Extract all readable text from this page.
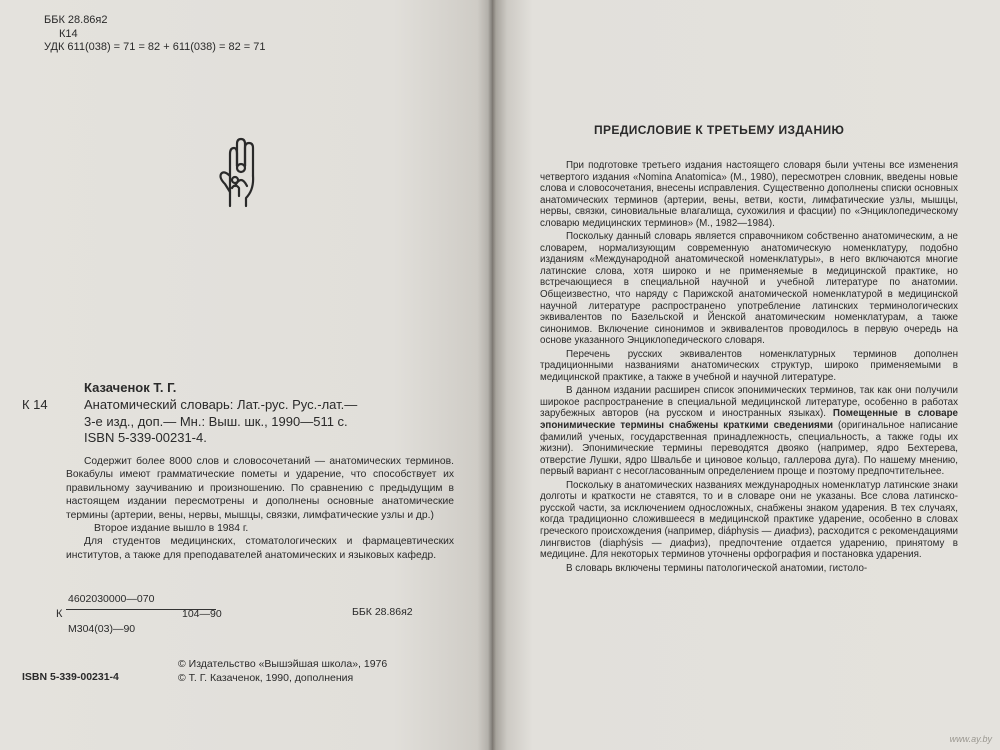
ББК 28.86я2
К14
УДК 611(038) = 71 = 82 + 611(038) = 82 = 71
Казаченок Т. Г.
К 14	Анатомический словарь: Лат.-рус. Рус.-лат.—
3-е изд., доп.— Мн.: Выш. шк., 1990—511 с.
ISBN 5-339-00231-4.

Содержит более 8000 слов и словосочетаний — анатомических терминов. Вокабулы имеют грамматические пометы и ударение, что способствует их правильному заучиванию и произношению. По сравнению с предыдущим в настоящем издании пересмотрены и дополнены основные анатомические термины (артерии, вены, нервы, мышцы, связки, лимфатические узлы и др.)

Второе издание вышло в 1984 г.

Для студентов медицинских, стоматологических и фармацевтических институтов, а также для преподавателей анатомических и языковых кафедр.

К
4602030000—070
104—90
М304(03)—90
ББК 28.86я2
ISBN 5-339-00231-4
© Издательство «Вышэйшая школа», 1976
© Т. Г. Казаченок, 1990, дополнения
ПРЕДИСЛОВИЕ К ТРЕТЬЕМУ ИЗДАНИЮ

При подготовке третьего издания настоящего словаря были учтены все изменения четвертого издания «Nomina Anatomica» (М., 1980), пересмотрен словник, введены новые слова и словосочетания, внесены исправления. Существенно дополнены списки основных анатомических терминов (артерии, вены, ветви, кости, лимфатические узлы, мышцы, нервы, связки, синовиальные влагалища, сухожилия и фасции) по «Энциклопедическому словарю медицинских терминов» (М., 1982—1984).

Поскольку данный словарь является справочником собственно анатомическим, а не словарем, нормализующим современную анатомическую номенклатуру, подобно изданиям «Международной анатомической номенклатуры», в него включаются многие латинские слова, хотя широко и не применяемые в медицинской практике, но встречающиеся в специальной научной и учебной литературе по анатомии. Общеизвестно, что наряду с Парижской анатомической номенклатурой в медицинской научной литературе распространено употребление латинских терминологических эквивалентов по Базельской и Йенской анатомическим номенклатурам, а также синонимов. Включение синонимов и эквивалентов проводилось в первую очередь на основе указанного Энциклопедического словаря.

Перечень русских эквивалентов номенклатурных терминов дополнен традиционными названиями анатомических структур, широко применяемыми в медицинской практике, а также в учебной и научной литературе.

В данном издании расширен список эпонимических терминов, так как они получили широкое распространение в специальной медицинской литературе, особенно в работах зарубежных авторов (на русском и иностранных языках). Помещенные в словаре эпонимические термины снабжены краткими сведениями (оригинальное написание фамилий ученых, государственная принадлежность, специальность, а также годы их жизни). Эпонимические термины переводятся двояко (например, ядро Бехтерева, отверстие Лушки, ядро Швальбе и циновое кольцо, галлерова дуга). По нашему мнению, первый вариант с несогласованным определением проще и поэтому предпочтительнее.

Поскольку в анатомических названиях международных номенклатур латинские знаки долготы и краткости не ставятся, то и в словаре они не указаны. Все слова латинско-русской части, за исключением односложных, снабжены знаком ударения. В тех случаях, когда традиционно сложившееся в медицинской практике ударение, особенно в словах греческого происхождения (например, diáphysis — диафиз), расходится с рекомендациями лингвистов (diaphýsis — диафиз), предпочтение отдается ударению, принятому в медицине. Для некоторых терминов уточнены орфография и постановка ударения.

В словарь включены термины патологической анатомии, гистоло-

www.ay.by
